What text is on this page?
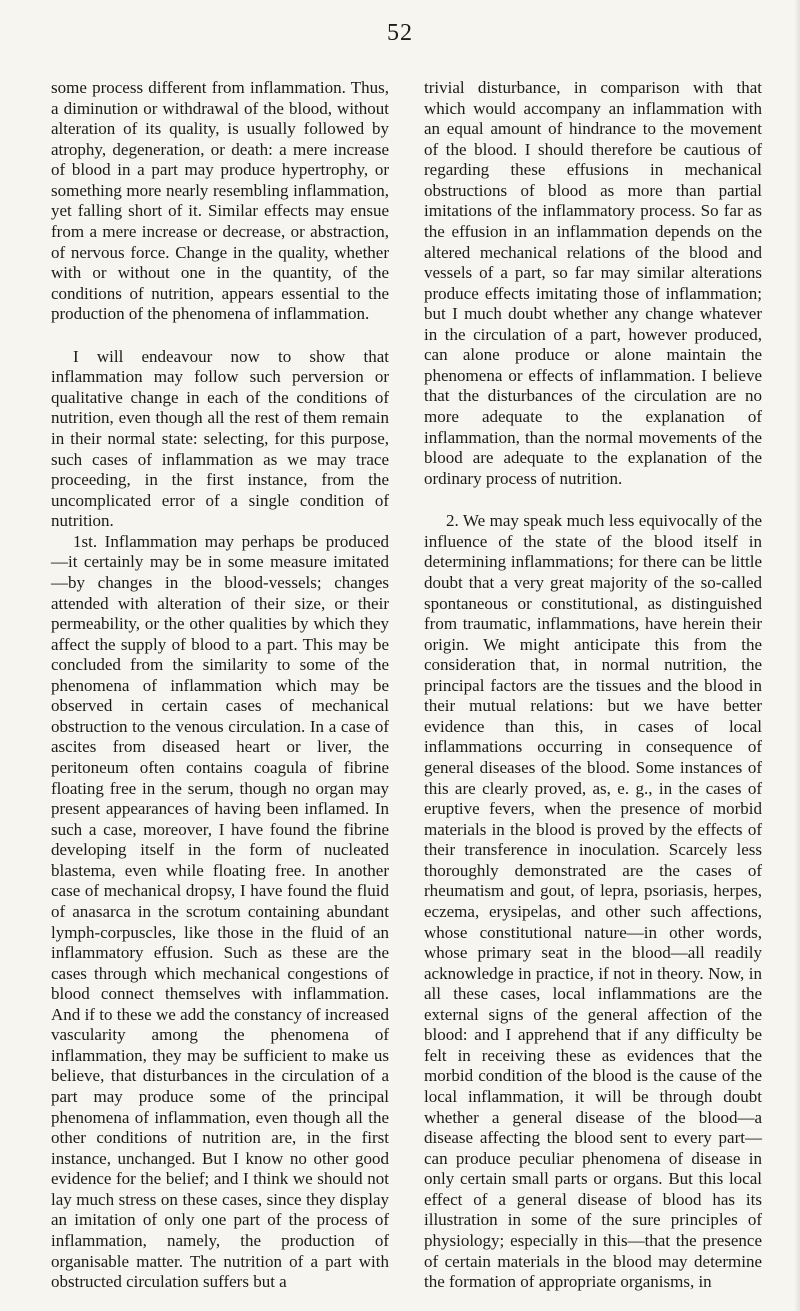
52

some process different from inflammation. Thus, a diminution or withdrawal of the blood, without alteration of its quality, is usually followed by atrophy, degeneration, or death: a mere increase of blood in a part may produce hypertrophy, or something more nearly resembling inflammation, yet falling short of it. Similar effects may ensue from a mere increase or decrease, or abstraction, of nervous force. Change in the quality, whether with or without one in the quantity, of the conditions of nutrition, appears essential to the production of the phenomena of inflammation.

I will endeavour now to show that inflammation may follow such perversion or qualitative change in each of the conditions of nutrition, even though all the rest of them remain in their normal state: selecting, for this purpose, such cases of inflammation as we may trace proceeding, in the first instance, from the uncomplicated error of a single condition of nutrition.

1st. Inflammation may perhaps be produced—it certainly may be in some measure imitated—by changes in the blood-vessels; changes attended with alteration of their size, or their permeability, or the other qualities by which they affect the supply of blood to a part. This may be concluded from the similarity to some of the phenomena of inflammation which may be observed in certain cases of mechanical obstruction to the venous circulation. In a case of ascites from diseased heart or liver, the peritoneum often contains coagula of fibrine floating free in the serum, though no organ may present appearances of having been inflamed. In such a case, moreover, I have found the fibrine developing itself in the form of nucleated blastema, even while floating free. In another case of mechanical dropsy, I have found the fluid of anasarca in the scrotum containing abundant lymph-corpuscles, like those in the fluid of an inflammatory effusion. Such as these are the cases through which mechanical congestions of blood connect themselves with inflammation. And if to these we add the constancy of increased vascularity among the phenomena of inflammation, they may be sufficient to make us believe, that disturbances in the circulation of a part may produce some of the principal phenomena of inflammation, even though all the other conditions of nutrition are, in the first instance, unchanged. But I know no other good evidence for the belief; and I think we should not lay much stress on these cases, since they display an imitation of only one part of the process of inflammation, namely, the production of organisable matter. The nutrition of a part with obstructed circulation suffers but a

trivial disturbance, in comparison with that which would accompany an inflammation with an equal amount of hindrance to the movement of the blood. I should therefore be cautious of regarding these effusions in mechanical obstructions of blood as more than partial imitations of the inflammatory process. So far as the effusion in an inflammation depends on the altered mechanical relations of the blood and vessels of a part, so far may similar alterations produce effects imitating those of inflammation; but I much doubt whether any change whatever in the circulation of a part, however produced, can alone produce or alone maintain the phenomena or effects of inflammation. I believe that the disturbances of the circulation are no more adequate to the explanation of inflammation, than the normal movements of the blood are adequate to the explanation of the ordinary process of nutrition.

2. We may speak much less equivocally of the influence of the state of the blood itself in determining inflammations; for there can be little doubt that a very great majority of the so-called spontaneous or constitutional, as distinguished from traumatic, inflammations, have herein their origin. We might anticipate this from the consideration that, in normal nutrition, the principal factors are the tissues and the blood in their mutual relations: but we have better evidence than this, in cases of local inflammations occurring in consequence of general diseases of the blood. Some instances of this are clearly proved, as, e. g., in the cases of eruptive fevers, when the presence of morbid materials in the blood is proved by the effects of their transference in inoculation. Scarcely less thoroughly demonstrated are the cases of rheumatism and gout, of lepra, psoriasis, herpes, eczema, erysipelas, and other such affections, whose constitutional nature—in other words, whose primary seat in the blood—all readily acknowledge in practice, if not in theory. Now, in all these cases, local inflammations are the external signs of the general affection of the blood: and I apprehend that if any difficulty be felt in receiving these as evidences that the morbid condition of the blood is the cause of the local inflammation, it will be through doubt whether a general disease of the blood—a disease affecting the blood sent to every part—can produce peculiar phenomena of disease in only certain small parts or organs. But this local effect of a general disease of blood has its illustration in some of the sure principles of physiology; especially in this—that the presence of certain materials in the blood may determine the formation of appropriate organisms, in
